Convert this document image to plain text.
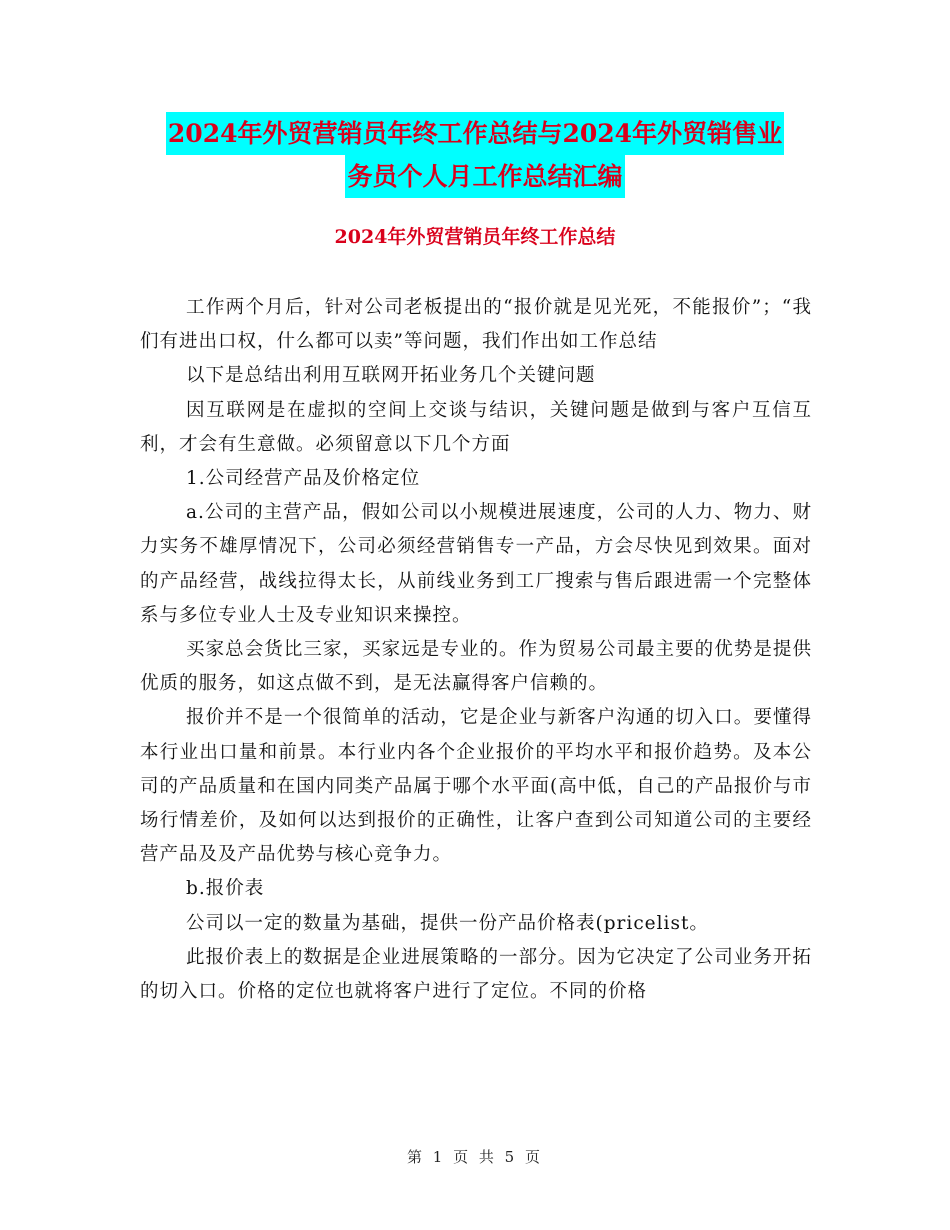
2024年外贸营销员年终工作总结与2024年外贸销售业
务员个人月工作总结汇编
2024年外贸营销员年终工作总结

工作两个月后，针对公司老板提出的“报价就是见光死，不能报价”；“我们有进出口权，什么都可以卖”等问题，我们作出如工作总结

以下是总结出利用互联网开拓业务几个关键问题

因互联网是在虚拟的空间上交谈与结识，关键问题是做到与客户互信互利，才会有生意做。必须留意以下几个方面

1.公司经营产品及价格定位

a.公司的主营产品，假如公司以小规模进展速度，公司的人力、物力、财力实务不雄厚情况下，公司必须经营销售专一产品，方会尽快见到效果。面对的产品经营，战线拉得太长，从前线业务到工厂搜索与售后跟进需一个完整体系与多位专业人士及专业知识来操控。

买家总会货比三家，买家远是专业的。作为贸易公司最主要的优势是提供优质的服务，如这点做不到，是无法赢得客户信赖的。

报价并不是一个很简单的活动，它是企业与新客户沟通的切入口。要懂得本行业出口量和前景。本行业内各个企业报价的平均水平和报价趋势。及本公司的产品质量和在国内同类产品属于哪个水平面(高中低，自己的产品报价与市场行情差价，及如何以达到报价的正确性，让客户查到公司知道公司的主要经营产品及及产品优势与核心竞争力。

b.报价表

公司以一定的数量为基础，提供一份产品价格表(pricelist。

此报价表上的数据是企业进展策略的一部分。因为它决定了公司业务开拓的切入口。价格的定位也就将客户进行了定位。不同的价格

第 1 页 共 5 页
